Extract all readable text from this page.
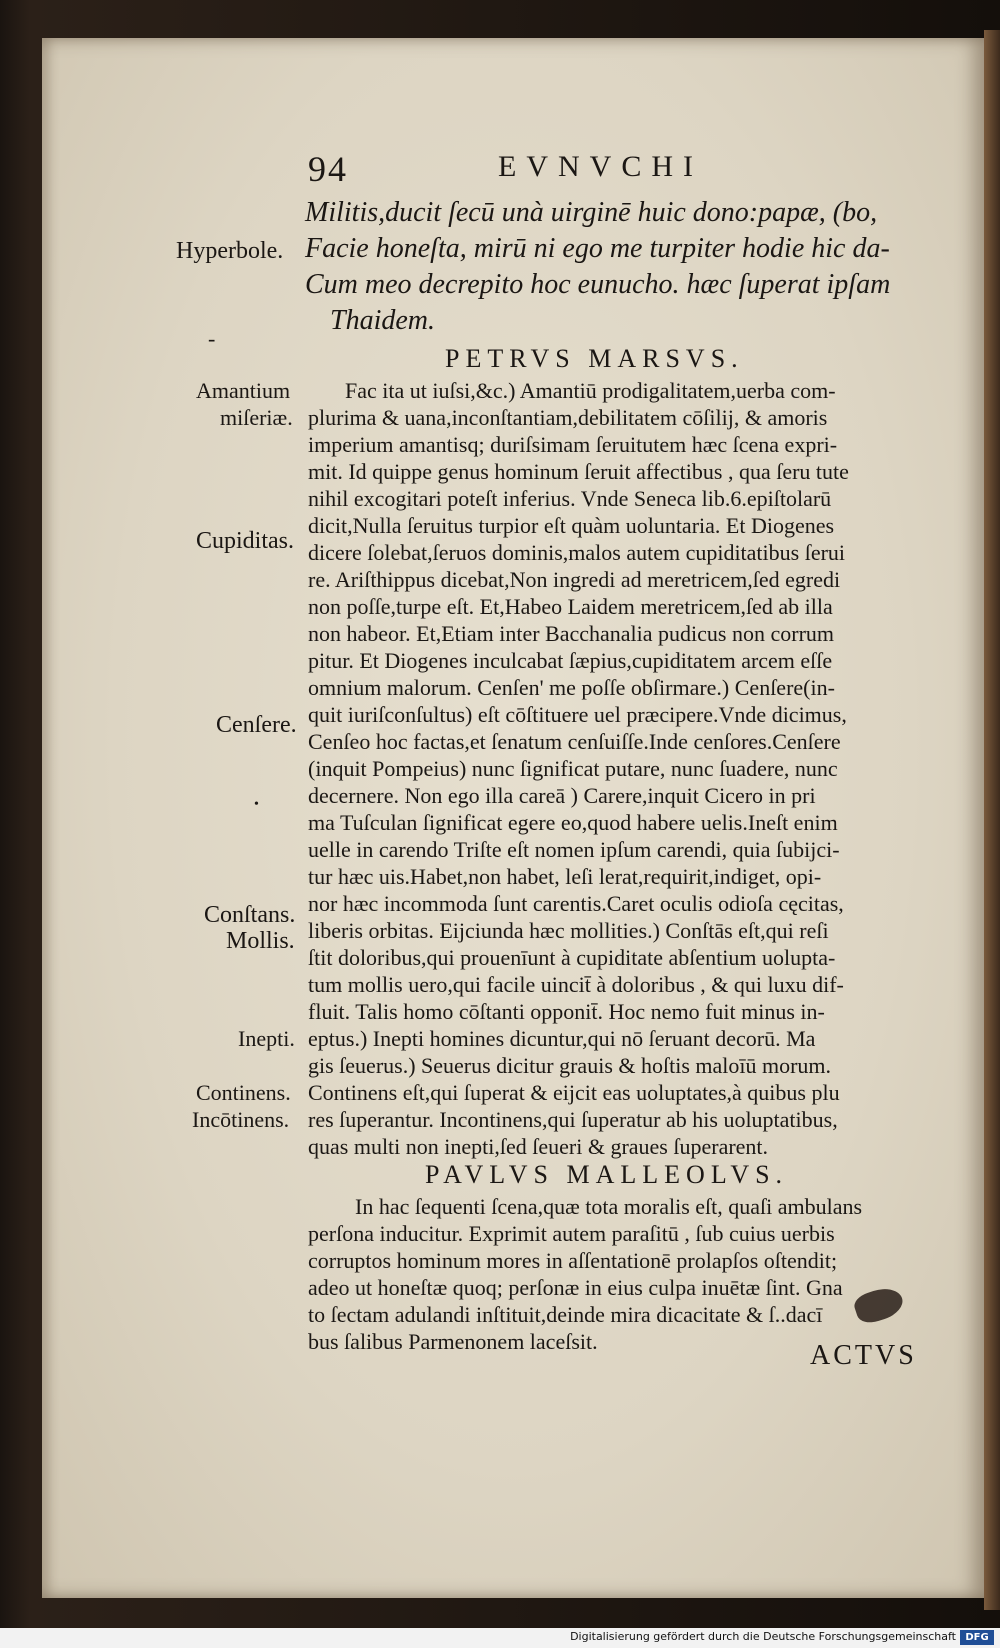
94	EVNVCHI
Militis,ducit ſecū unà uirginē huic dono:papæ, (bo,
Facie honeſta, mirū ni ego me turpiter hodie hic da-
Cum meo decrepito hoc eunucho. hæc ſuperat ipſam
Thaidem.
PETRVS MARSVS.
Fac ita ut iuſsi,&c.) Amantiū prodigalitatem,uerba com-
plurima & uana,inconſtantiam,debilitatem cōſilij, & amoris
imperium amantisq; duriſsimam ſeruitutem hæc ſcena expri-
mit. Id quippe genus hominum ſeruit affectibus , qua ſeru tute
nihil excogitari poteſt inferius. Vnde Seneca lib.6.epiſtolarū
dicit,Nulla ſeruitus turpior eſt quàm uoluntaria. Et Diogenes
dicere ſolebat,ſeruos dominis,malos autem cupiditatibus ſerui
re. Ariſthippus dicebat,Non ingredi ad meretricem,ſed egredi
non poſſe,turpe eſt. Et,Habeo Laidem meretricem,ſed ab illa
non habeor. Et,Etiam inter Bacchanalia pudicus non corrum
pitur. Et Diogenes inculcabat ſæpius,cupiditatem arcem eſſe
omnium malorum. Cenſen' me poſſe obſirmare.) Cenſere(in-
quit iuriſconſultus) eſt cōſtituere uel præcipere.Vnde dicimus,
Cenſeo hoc factas,et ſenatum cenſuiſſe.Inde cenſores.Cenſere
(inquit Pompeius) nunc ſignificat putare, nunc ſuadere, nunc
decernere. Non ego illa careā ) Carere,inquit Cicero in pri
ma Tuſculan ſignificat egere eo,quod habere uelis.Ineſt enim
uelle in carendo Triſte eſt nomen ipſum carendi, quia ſubijci-
tur hæc uis.Habet,non habet, leſi lerat,requirit,indiget, opi-
nor hæc incommoda ſunt carentis.Caret oculis odioſa cęcitas,
liberis orbitas. Eijciunda hæc mollities.) Conſtās eſt,qui reſi
ſtit doloribus,qui prouenīunt à cupiditate abſentium uolupta-
tum mollis uero,qui facile uincit̄ à doloribus , & qui luxu dif-
fluit. Talis homo cōſtanti opponit̄. Hoc nemo fuit minus in-
eptus.) Inepti homines dicuntur,qui nō ſeruant decorū. Ma
gis ſeuerus.) Seuerus dicitur grauis & hoſtis maloīū morum.
Continens eſt,qui ſuperat & eijcit eas uoluptates,à quibus plu
res ſuperantur. Incontinens,qui ſuperatur ab his uoluptatibus,
quas multi non inepti,ſed ſeueri & graues ſuperarent.
PAVLVS MALLEOLVS.
In hac ſequenti ſcena,quæ tota moralis eſt, quaſi ambulans
perſona inducitur. Exprimit autem paraſitū , ſub cuius uerbis
corruptos hominum mores in aſſentationē prolapſos oſtendit;
adeo ut honeſtæ quoq; perſonæ in eius culpa inuētæ ſint. Gna
to ſectam adulandi inſtituit,deinde mira dicacitate & ſ..dacī
bus ſalibus Parmenonem laceſsit.	ACTVS
Hyperbole.
-
Amantium
miſeriæ.
Cupiditas.
Cenſere.
•
Conſtans.
Mollis.
Inepti.
Continens.
Incōtinens.
Digitalisierung gefördert durch die Deutsche Forschungsgemeinschaft DFG
